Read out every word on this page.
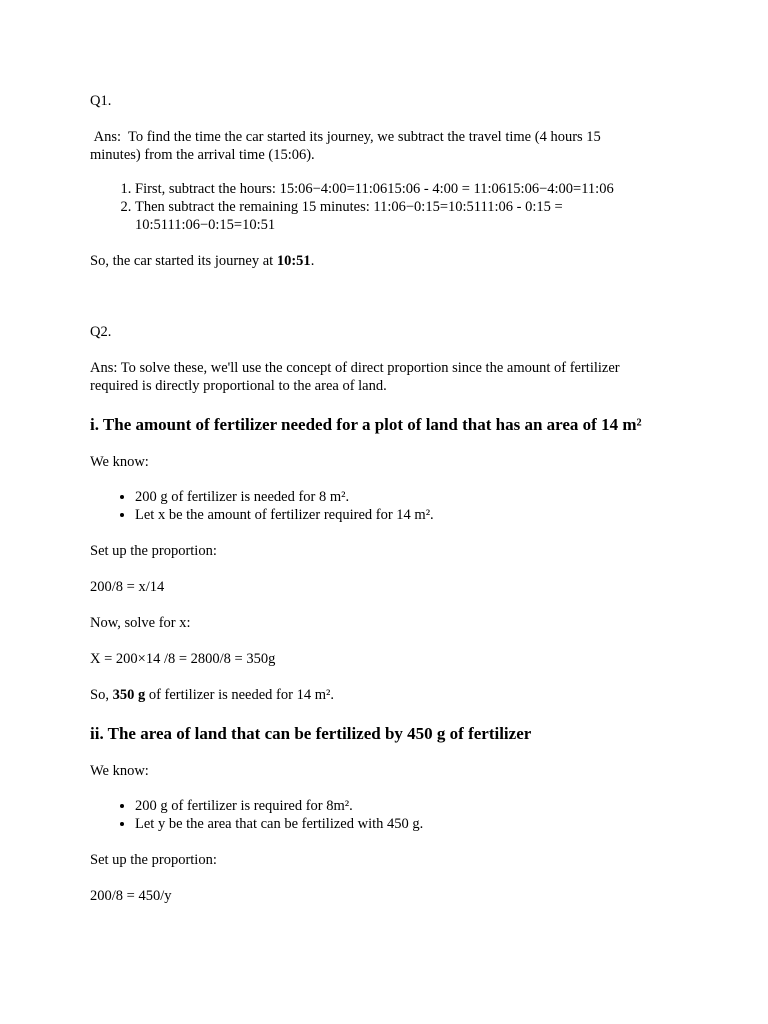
Q1.

Ans:  To find the time the car started its journey, we subtract the travel time (4 hours 15 minutes) from the arrival time (15:06).

1. First, subtract the hours: 15:06−4:00=11:0615:06 - 4:00 = 11:0615:06−4:00=11:06
2. Then subtract the remaining 15 minutes: 11:06−0:15=10:5111:06 - 0:15 = 10:5111:06−0:15=10:51

So, the car started its journey at 10:51.

Q2.

Ans: To solve these, we'll use the concept of direct proportion since the amount of fertilizer required is directly proportional to the area of land.

i. The amount of fertilizer needed for a plot of land that has an area of 14 m²

We know:

• 200 g of fertilizer is needed for 8 m².
• Let x be the amount of fertilizer required for 14 m².

Set up the proportion:

200/8 = x/14

Now, solve for x:

X = 200×14 /8 = 2800/8 = 350g

So, 350 g of fertilizer is needed for 14 m².

ii. The area of land that can be fertilized by 450 g of fertilizer

We know:

• 200 g of fertilizer is required for 8m².
• Let y be the area that can be fertilized with 450 g.

Set up the proportion:

200/8 = 450/y
